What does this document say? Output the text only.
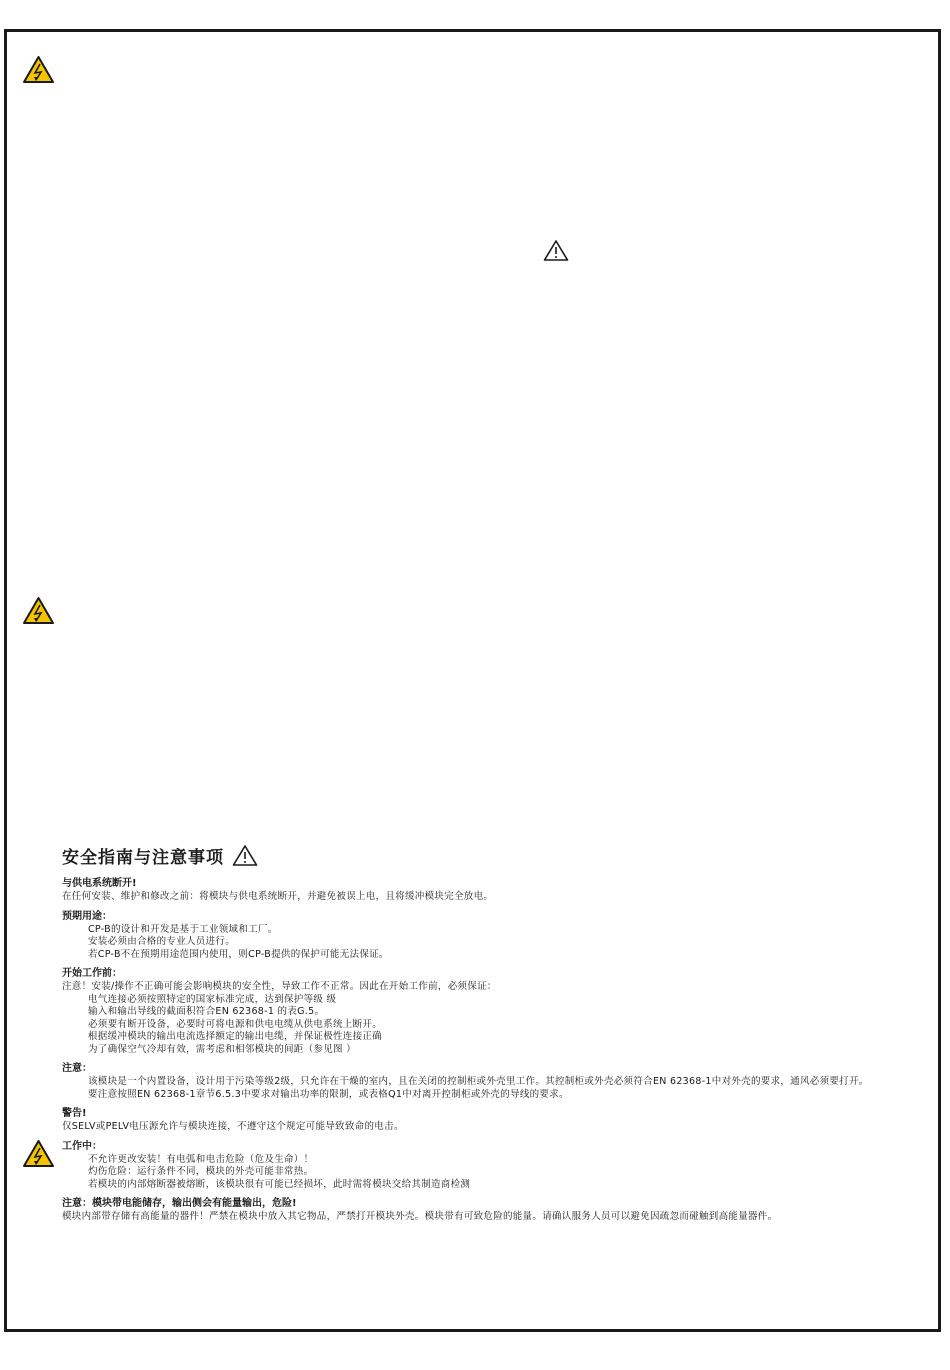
安全指南与注意事项
与供电系统断开!
在任何安装、维护和修改之前：将模块与供电系统断开，并避免被误上电，且将缓冲模块完全放电。
预期用途：
CP-B的设计和开发是基于工业领域和工厂。
安装必须由合格的专业人员进行。
若CP-B不在预期用途范围内使用，则CP-B提供的保护可能无法保证。
开始工作前：
注意！安装/操作不正确可能会影响模块的安全性，导致工作不正常。因此在开始工作前，必须保证：
电气连接必须按照特定的国家标准完成，达到保护等级 级
输入和输出导线的截面积符合EN 62368-1 的表G.5。
必须要有断开设备，必要时可将电源和供电电缆从供电系统上断开。
根据缓冲模块的输出电流选择额定的输出电缆，并保证极性连接正确
为了确保空气冷却有效，需考虑和相邻模块的间距（参见图 ）
注意：
该模块是一个内置设备，设计用于污染等级2级，只允许在干燥的室内，且在关闭的控制柜或外壳里工作。其控制柜或外壳必须符合EN 62368-1中对外壳的要求，通风必须要打开。
要注意按照EN 62368-1章节6.5.3中要求对输出功率的限制，或表格Q1中对离开控制柜或外壳的导线的要求。
警告!
仅SELV或PELV电压源允许与模块连接，不遵守这个规定可能导致致命的电击。
工作中：
不允许更改安装！有电弧和电击危险（危及生命）！
灼伤危险：运行条件不同，模块的外壳可能非常热。
若模块的内部熔断器被熔断，该模块很有可能已经损坏，此时需将模块交给其制造商检测
注意：模块带电能储存，输出侧会有能量输出，危险!
模块内部带存储有高能量的器件！严禁在模块中放入其它物品，严禁打开模块外壳。模块带有可致危险的能量。请确认服务人员可以避免因疏忽而碰触到高能量器件。
